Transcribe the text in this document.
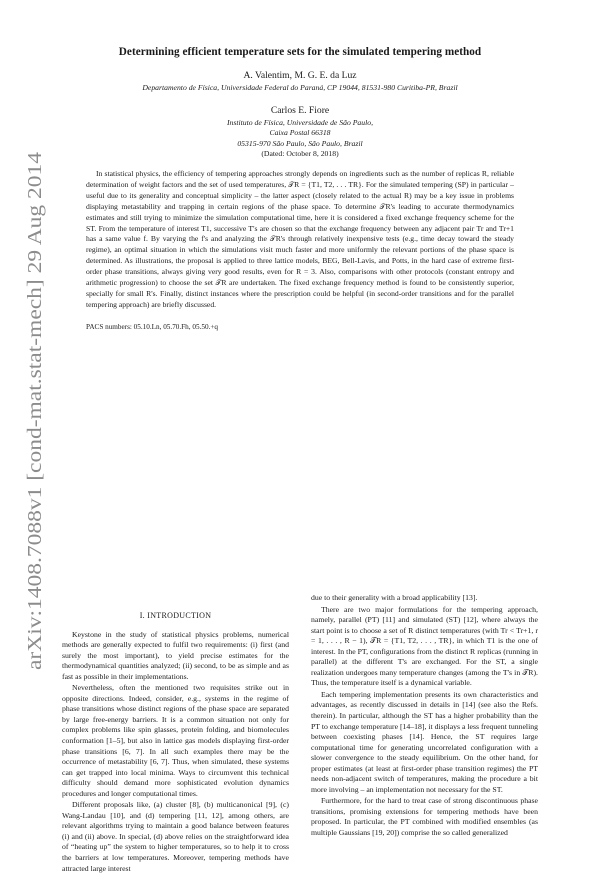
arXiv:1408.7088v1 [cond-mat.stat-mech] 29 Aug 2014
Determining efficient temperature sets for the simulated tempering method

A. Valentim, M. G. E. da Luz

Departamento de Física, Universidade Federal do Paraná, CP 19044, 81531-980 Curitiba-PR, Brazil

Carlos E. Fiore

Instituto de Física, Universidade de São Paulo,

Caixa Postal 66318

05315-970 São Paulo, São Paulo, Brazil

(Dated: October 8, 2018)

In statistical physics, the efficiency of tempering approaches strongly depends on ingredients such as the number of replicas R, reliable determination of weight factors and the set of used temperatures, 𝒯R = {T1, T2, . . . TR}. For the simulated tempering (SP) in particular – useful due to its generality and conceptual simplicity – the latter aspect (closely related to the actual R) may be a key issue in problems displaying metastability and trapping in certain regions of the phase space. To determine 𝒯R's leading to accurate thermodynamics estimates and still trying to minimize the simulation computational time, here it is considered a fixed exchange frequency scheme for the ST. From the temperature of interest T1, successive T's are chosen so that the exchange frequency between any adjacent pair Tr and Tr+1 has a same value f. By varying the f's and analyzing the 𝒯R's through relatively inexpensive tests (e.g., time decay toward the steady regime), an optimal situation in which the simulations visit much faster and more uniformly the relevant portions of the phase space is determined. As illustrations, the proposal is applied to three lattice models, BEG, Bell-Lavis, and Potts, in the hard case of extreme first-order phase transitions, always giving very good results, even for R = 3. Also, comparisons with other protocols (constant entropy and arithmetic progression) to choose the set 𝒯R are undertaken. The fixed exchange frequency method is found to be consistently superior, specially for small R's. Finally, distinct instances where the prescription could be helpful (in second-order transitions and for the parallel tempering approach) are briefly discussed.

PACS numbers: 05.10.Ln, 05.70.Fh, 05.50.+q

I. INTRODUCTION

Keystone in the study of statistical physics problems, numerical methods are generally expected to fulfil two requirements: (i) first (and surely the most important), to yield precise estimates for the thermodynamical quantities analyzed; (ii) second, to be as simple and as fast as possible in their implementations.

Nevertheless, often the mentioned two requisites strike out in opposite directions. Indeed, consider, e.g., systems in the regime of phase transitions whose distinct regions of the phase space are separated by large free-energy barriers. It is a common situation not only for complex problems like spin glasses, protein folding, and biomolecules conformation [1–5], but also in lattice gas models displaying first-order phase transitions [6, 7]. In all such examples there may be the occurrence of metastability [6, 7]. Thus, when simulated, these systems can get trapped into local minima. Ways to circumvent this technical difficulty should demand more sophisticated evolution dynamics procedures and longer computational times.

Different proposals like, (a) cluster [8], (b) multicanonical [9], (c) Wang-Landau [10], and (d) tempering [11, 12], among others, are relevant algorithms trying to maintain a good balance between features (i) and (ii) above. In special, (d) above relies on the straightforward idea of “heating up” the system to higher temperatures, so to help it to cross the barriers at low temperatures. Moreover, tempering methods have attracted large interest

due to their generality with a broad applicability [13].

There are two major formulations for the tempering approach, namely, parallel (PT) [11] and simulated (ST) [12], where always the start point is to choose a set of R distinct temperatures (with Tr < Tr+1, r = 1, . . . , R − 1), 𝒯R = {T1, T2, . . . , TR}, in which T1 is the one of interest. In the PT, configurations from the distinct R replicas (running in parallel) at the different T's are exchanged. For the ST, a single realization undergoes many temperature changes (among the T's in 𝒯R). Thus, the temperature itself is a dynamical variable.

Each tempering implementation presents its own characteristics and advantages, as recently discussed in details in [14] (see also the Refs. therein). In particular, although the ST has a higher probability than the PT to exchange temperature [14–18], it displays a less frequent tunneling between coexisting phases [14]. Hence, the ST requires large computational time for generating uncorrelated configuration with a slower convergence to the steady equilibrium. On the other hand, for proper estimates (at least at first-order phase transition regimes) the PT needs non-adjacent switch of temperatures, making the procedure a bit more involving – an implementation not necessary for the ST.

Furthermore, for the hard to treat case of strong discontinuous phase transitions, promising extensions for tempering methods have been proposed. In particular, the PT combined with modified ensembles (as multiple Gaussians [19, 20]) comprise the so called generalized
